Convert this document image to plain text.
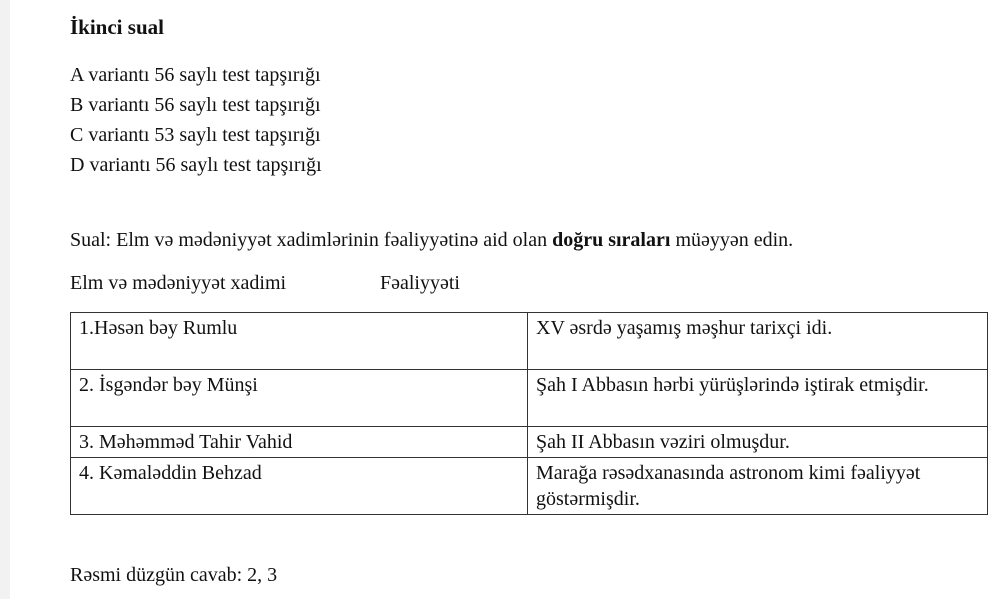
İkinci sual
A variantı 56 saylı test tapşırığı
B variantı 56 saylı test tapşırığı
C variantı 53 saylı test tapşırığı
D variantı 56 saylı test tapşırığı
Sual: Elm və mədəniyyət xadimlərinin fəaliyyətinə aid olan doğru sıraları müəyyən edin.
Elm və mədəniyyət xadimi	Fəaliyyəti
1.Həsən bəy Rumlu	XV əsrdə yaşamış məşhur tarixçi idi.
2. İsgəndər bəy Münşi	Şah I Abbasın hərbi yürüşlərində iştirak etmişdir.
3. Məhəmməd Tahir Vahid	Şah II Abbasın vəziri olmuşdur.
4. Kəmaləddin Behzad	Marağa rəsədxanasında astronom kimi fəaliyyət göstərmişdir.
Rəsmi düzgün cavab: 2, 3
